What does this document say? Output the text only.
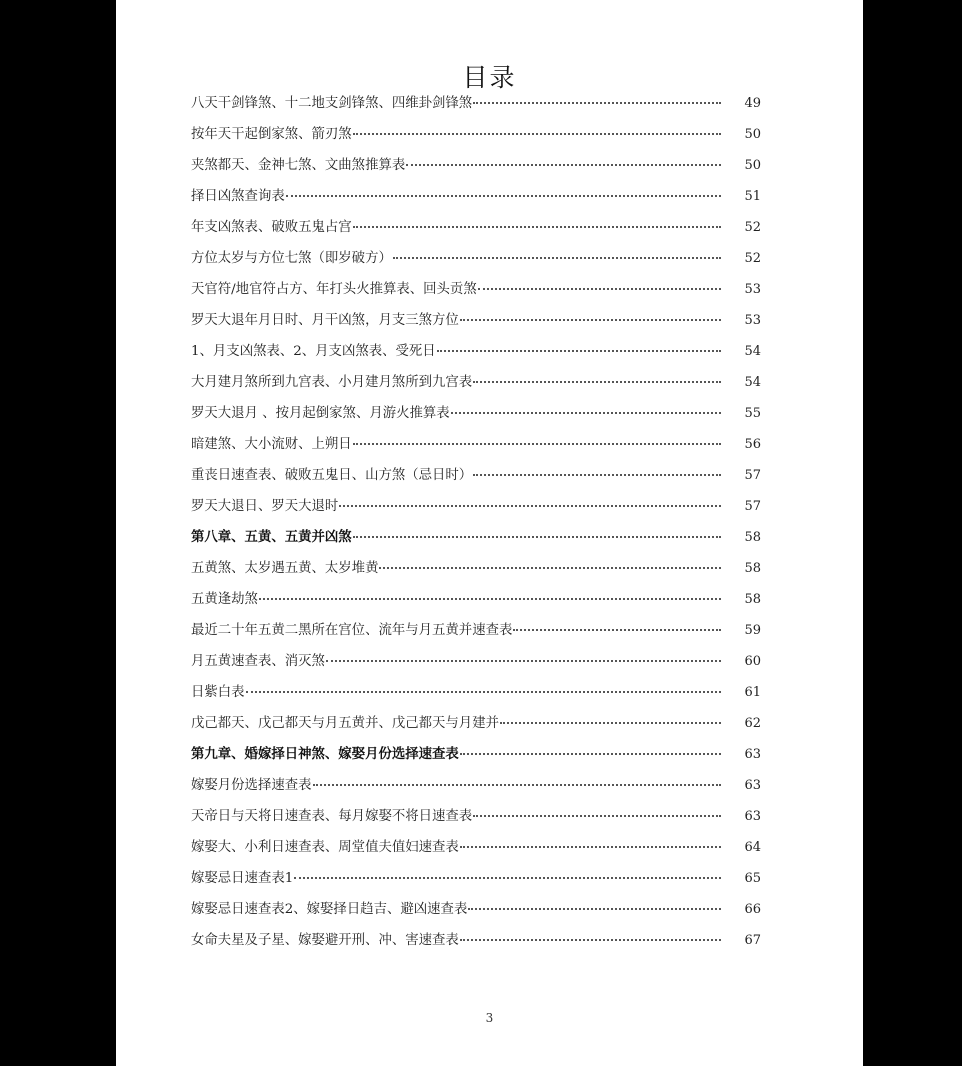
目录
八天干剑锋煞、十二地支剑锋煞、四维卦剑锋煞	49
按年天干起倒家煞、箭刃煞	50
夹煞都天、金神七煞、文曲煞推算表	50
择日凶煞查询表	51
年支凶煞表、破败五鬼占宫	52
方位太岁与方位七煞（即岁破方）	52
天官符/地官符占方、年打头火推算表、回头贡煞	53
罗天大退年月日时、月干凶煞，月支三煞方位	53
1、月支凶煞表、2、月支凶煞表、受死日	54
大月建月煞所到九宫表、小月建月煞所到九宫表	54
罗天大退月 、按月起倒家煞、月游火推算表	55
暗建煞、大小流财、上朔日	56
重丧日速查表、破败五鬼日、山方煞（忌日时）	57
罗天大退日、罗天大退时	57
第八章、五黄、五黄并凶煞	58
五黄煞、太岁遇五黄、太岁堆黄	58
五黄逢劫煞	58
最近二十年五黄二黑所在宫位、流年与月五黄并速查表	59
月五黄速查表、消灭煞	60
日紫白表	61
戊己都天、戊己都天与月五黄并、戊己都天与月建并	62
第九章、婚嫁择日神煞、嫁娶月份选择速查表	63
嫁娶月份选择速查表	63
天帝日与天将日速查表、每月嫁娶不将日速查表	63
嫁娶大、小利日速查表、周堂值夫值妇速查表	64
嫁娶忌日速查表1	65
嫁娶忌日速查表2、嫁娶择日趋吉、避凶速查表	66
女命夫星及子星、嫁娶避开刑、冲、害速查表	67
3
